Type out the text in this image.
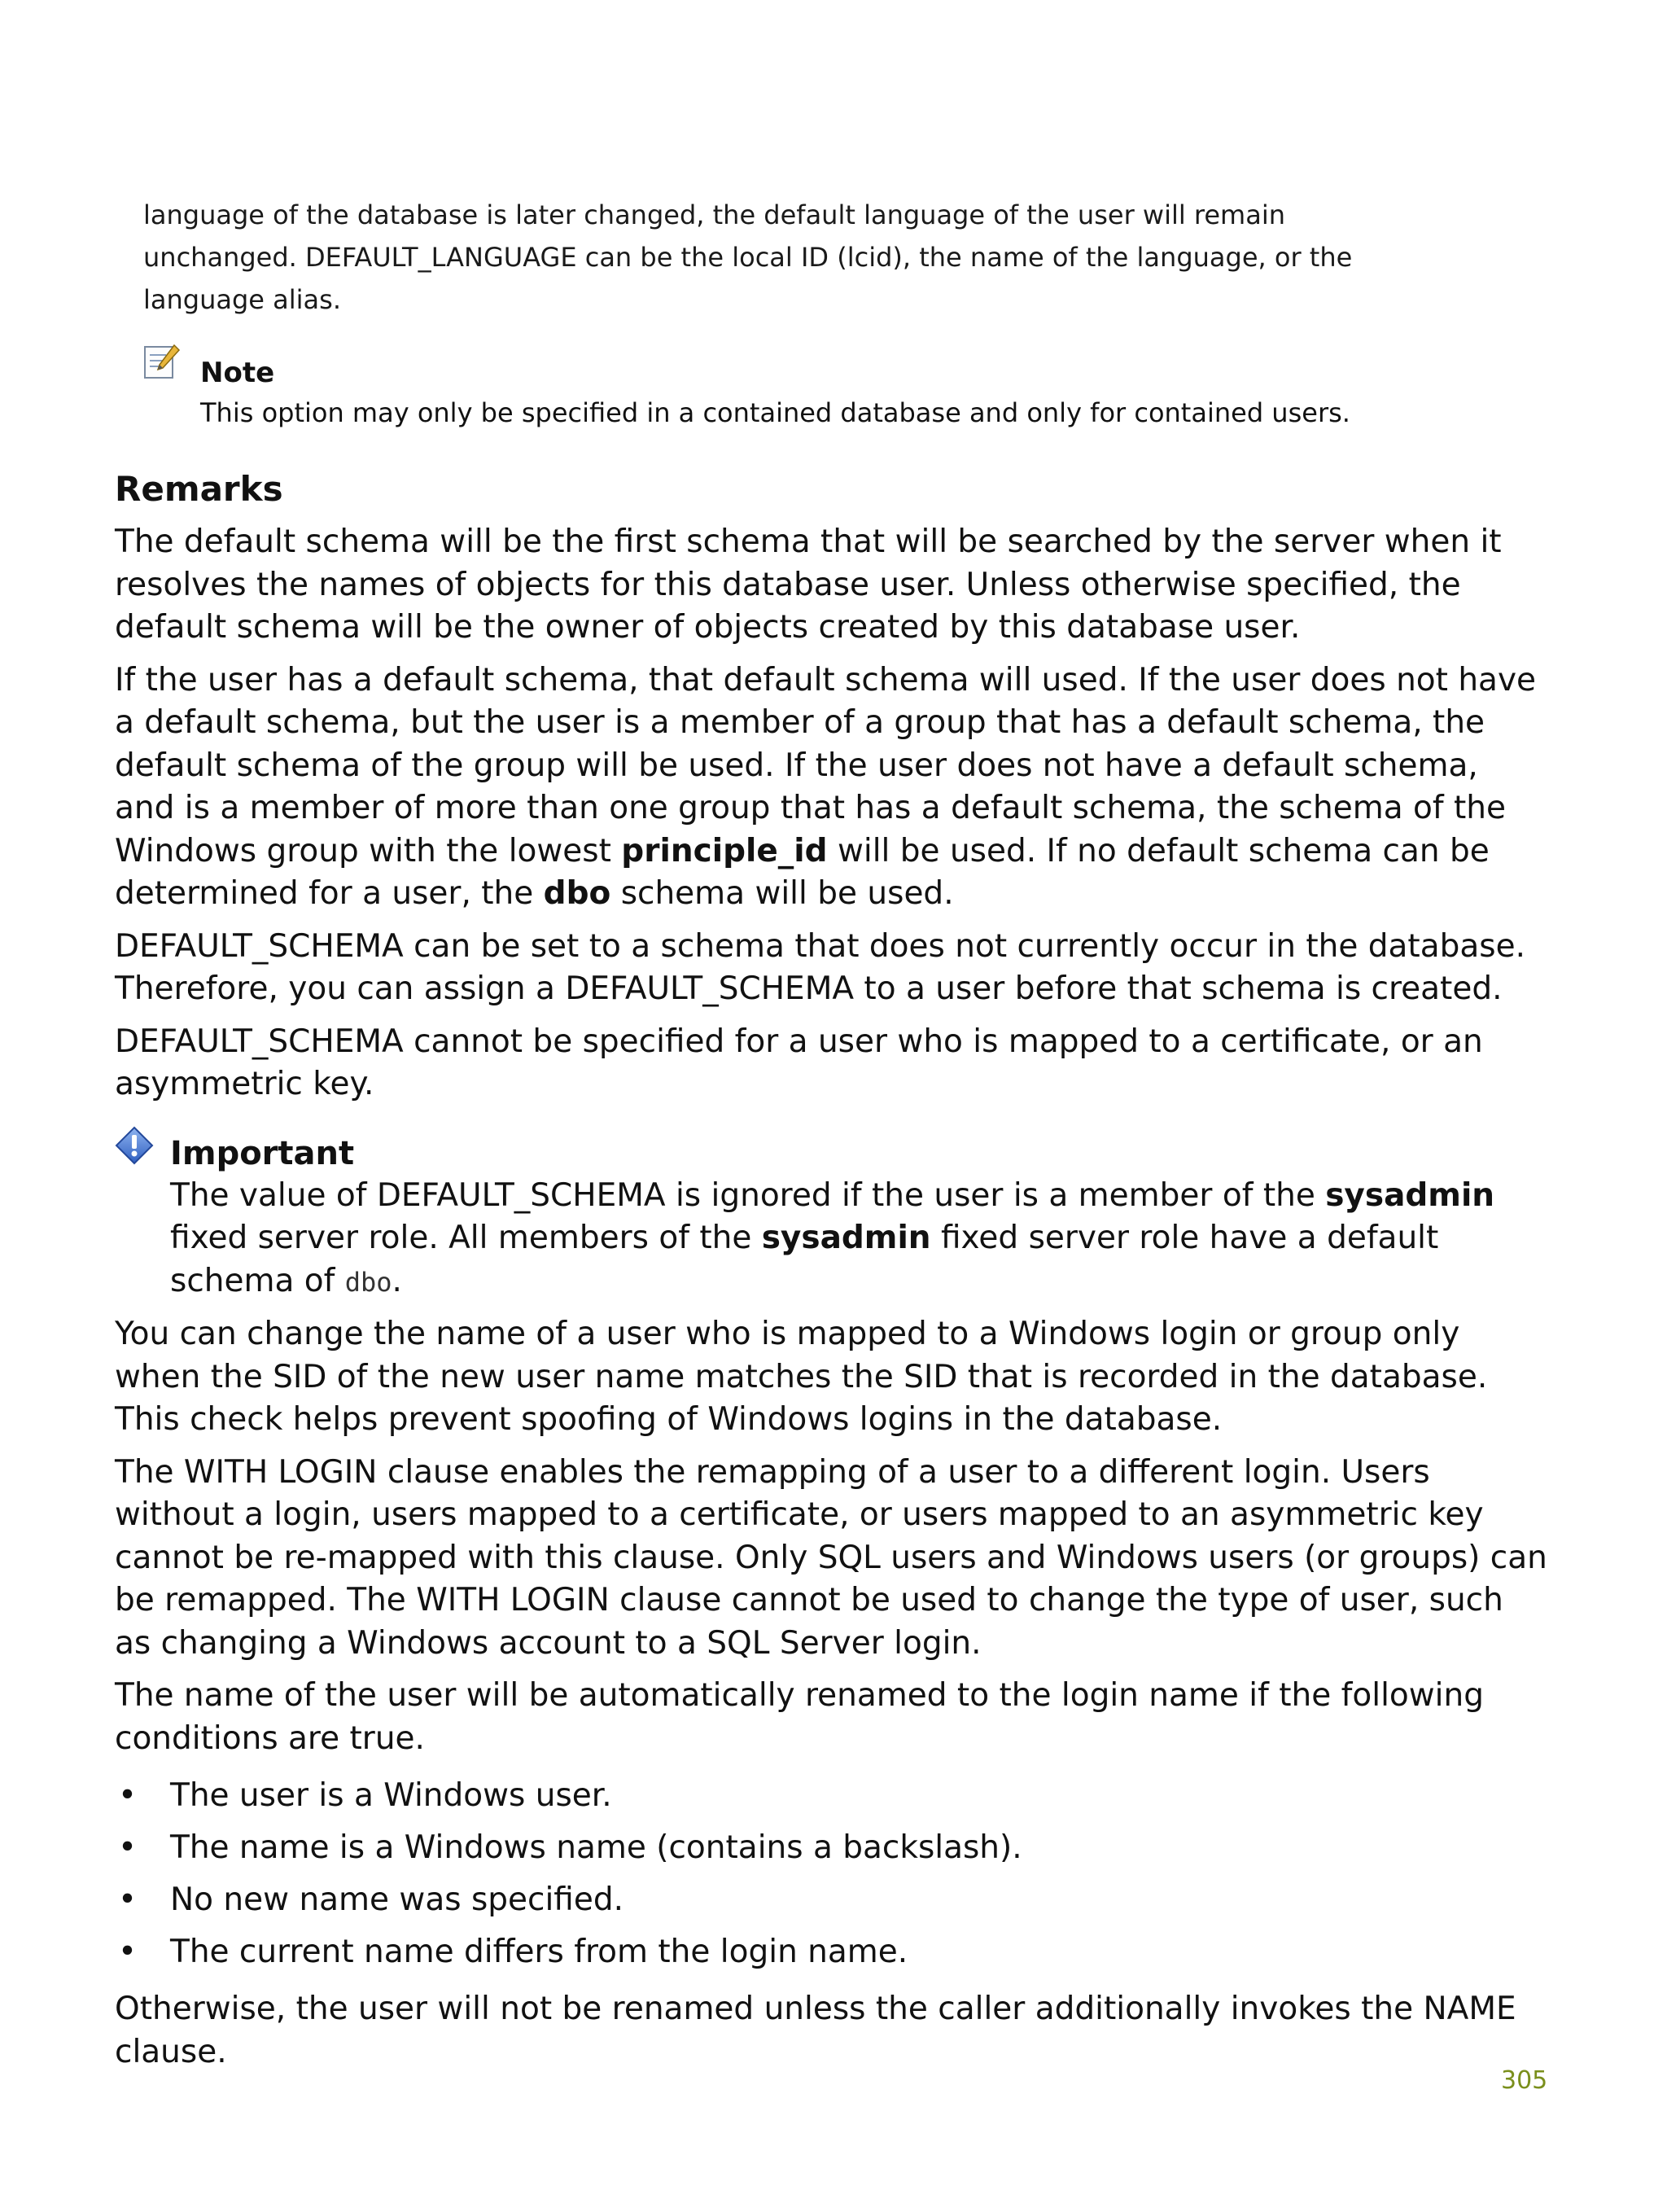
language of the database is later changed, the default language of the user will remain

unchanged. DEFAULT_LANGUAGE can be the local ID (lcid), the name of the language, or the

language alias.

Note
This option may only be specified in a contained database and only for contained users.
Remarks

The default schema will be the first schema that will be searched by the server when it resolves the names of objects for this database user. Unless otherwise specified, the default schema will be the owner of objects created by this database user.

If the user has a default schema, that default schema will used. If the user does not have a default schema, but the user is a member of a group that has a default schema, the default schema of the group will be used. If the user does not have a default schema, and is a member of more than one group that has a default schema, the schema of the Windows group with the lowest principle_id will be used. If no default schema can be determined for a user, the dbo schema will be used.

DEFAULT_SCHEMA can be set to a schema that does not currently occur in the database. Therefore, you can assign a DEFAULT_SCHEMA to a user before that schema is created.

DEFAULT_SCHEMA cannot be specified for a user who is mapped to a certificate, or an asymmetric key.

Important

The value of DEFAULT_SCHEMA is ignored if the user is a member of the sysadmin fixed server role. All members of the sysadmin fixed server role have a default schema of dbo.

You can change the name of a user who is mapped to a Windows login or group only when the SID of the new user name matches the SID that is recorded in the database. This check helps prevent spoofing of Windows logins in the database.

The WITH LOGIN clause enables the remapping of a user to a different login. Users without a login, users mapped to a certificate, or users mapped to an asymmetric key cannot be re-mapped with this clause. Only SQL users and Windows users (or groups) can be remapped. The WITH LOGIN clause cannot be used to change the type of user, such as changing a Windows account to a SQL Server login.

The name of the user will be automatically renamed to the login name if the following conditions are true.

• The user is a Windows user.
• The name is a Windows name (contains a backslash).
• No new name was specified.
• The current name differs from the login name.

Otherwise, the user will not be renamed unless the caller additionally invokes the NAME clause.

305
